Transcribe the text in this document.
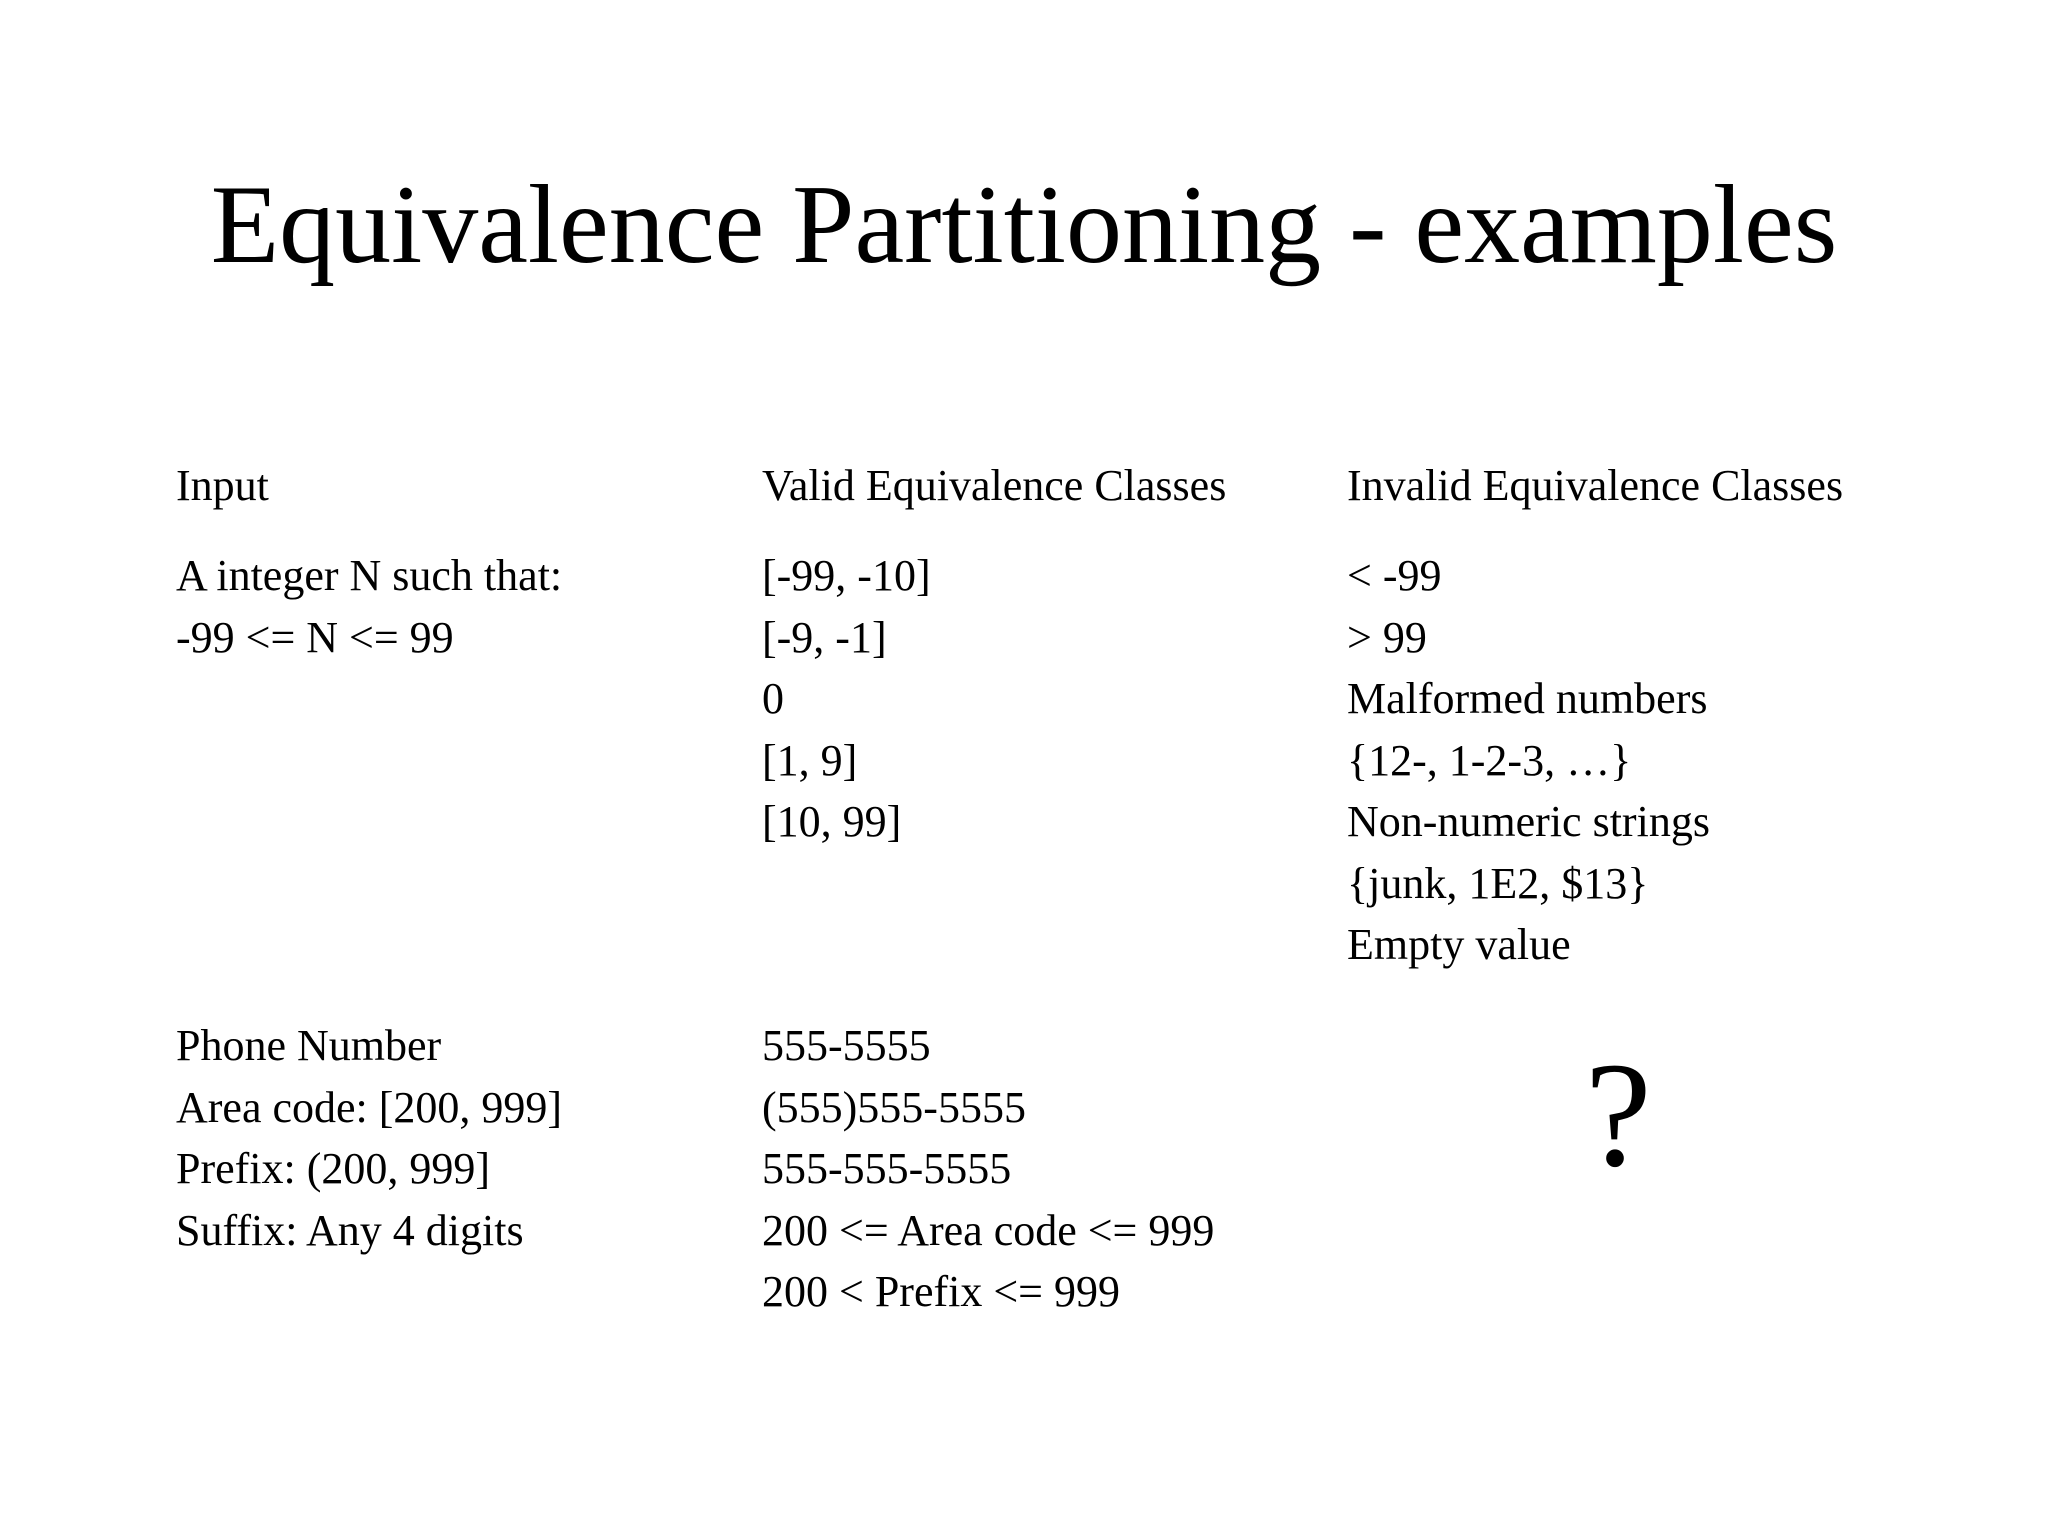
Equivalence Partitioning - examples
Input	Valid Equivalence Classes	Invalid Equivalence Classes
A integer N such that:
-99 <= N <= 99
[-99, -10]
[-9, -1]
0
[1, 9]
[10, 99]
< -99
> 99
Malformed numbers
{12-, 1-2-3, …}
Non-numeric strings
{junk, 1E2, $13}
Empty value
Phone Number
Area code: [200, 999]
Prefix: (200, 999]
Suffix: Any 4 digits
555-5555
(555)555-5555
555-555-5555
200 <= Area code <= 999
200 < Prefix <= 999
?
